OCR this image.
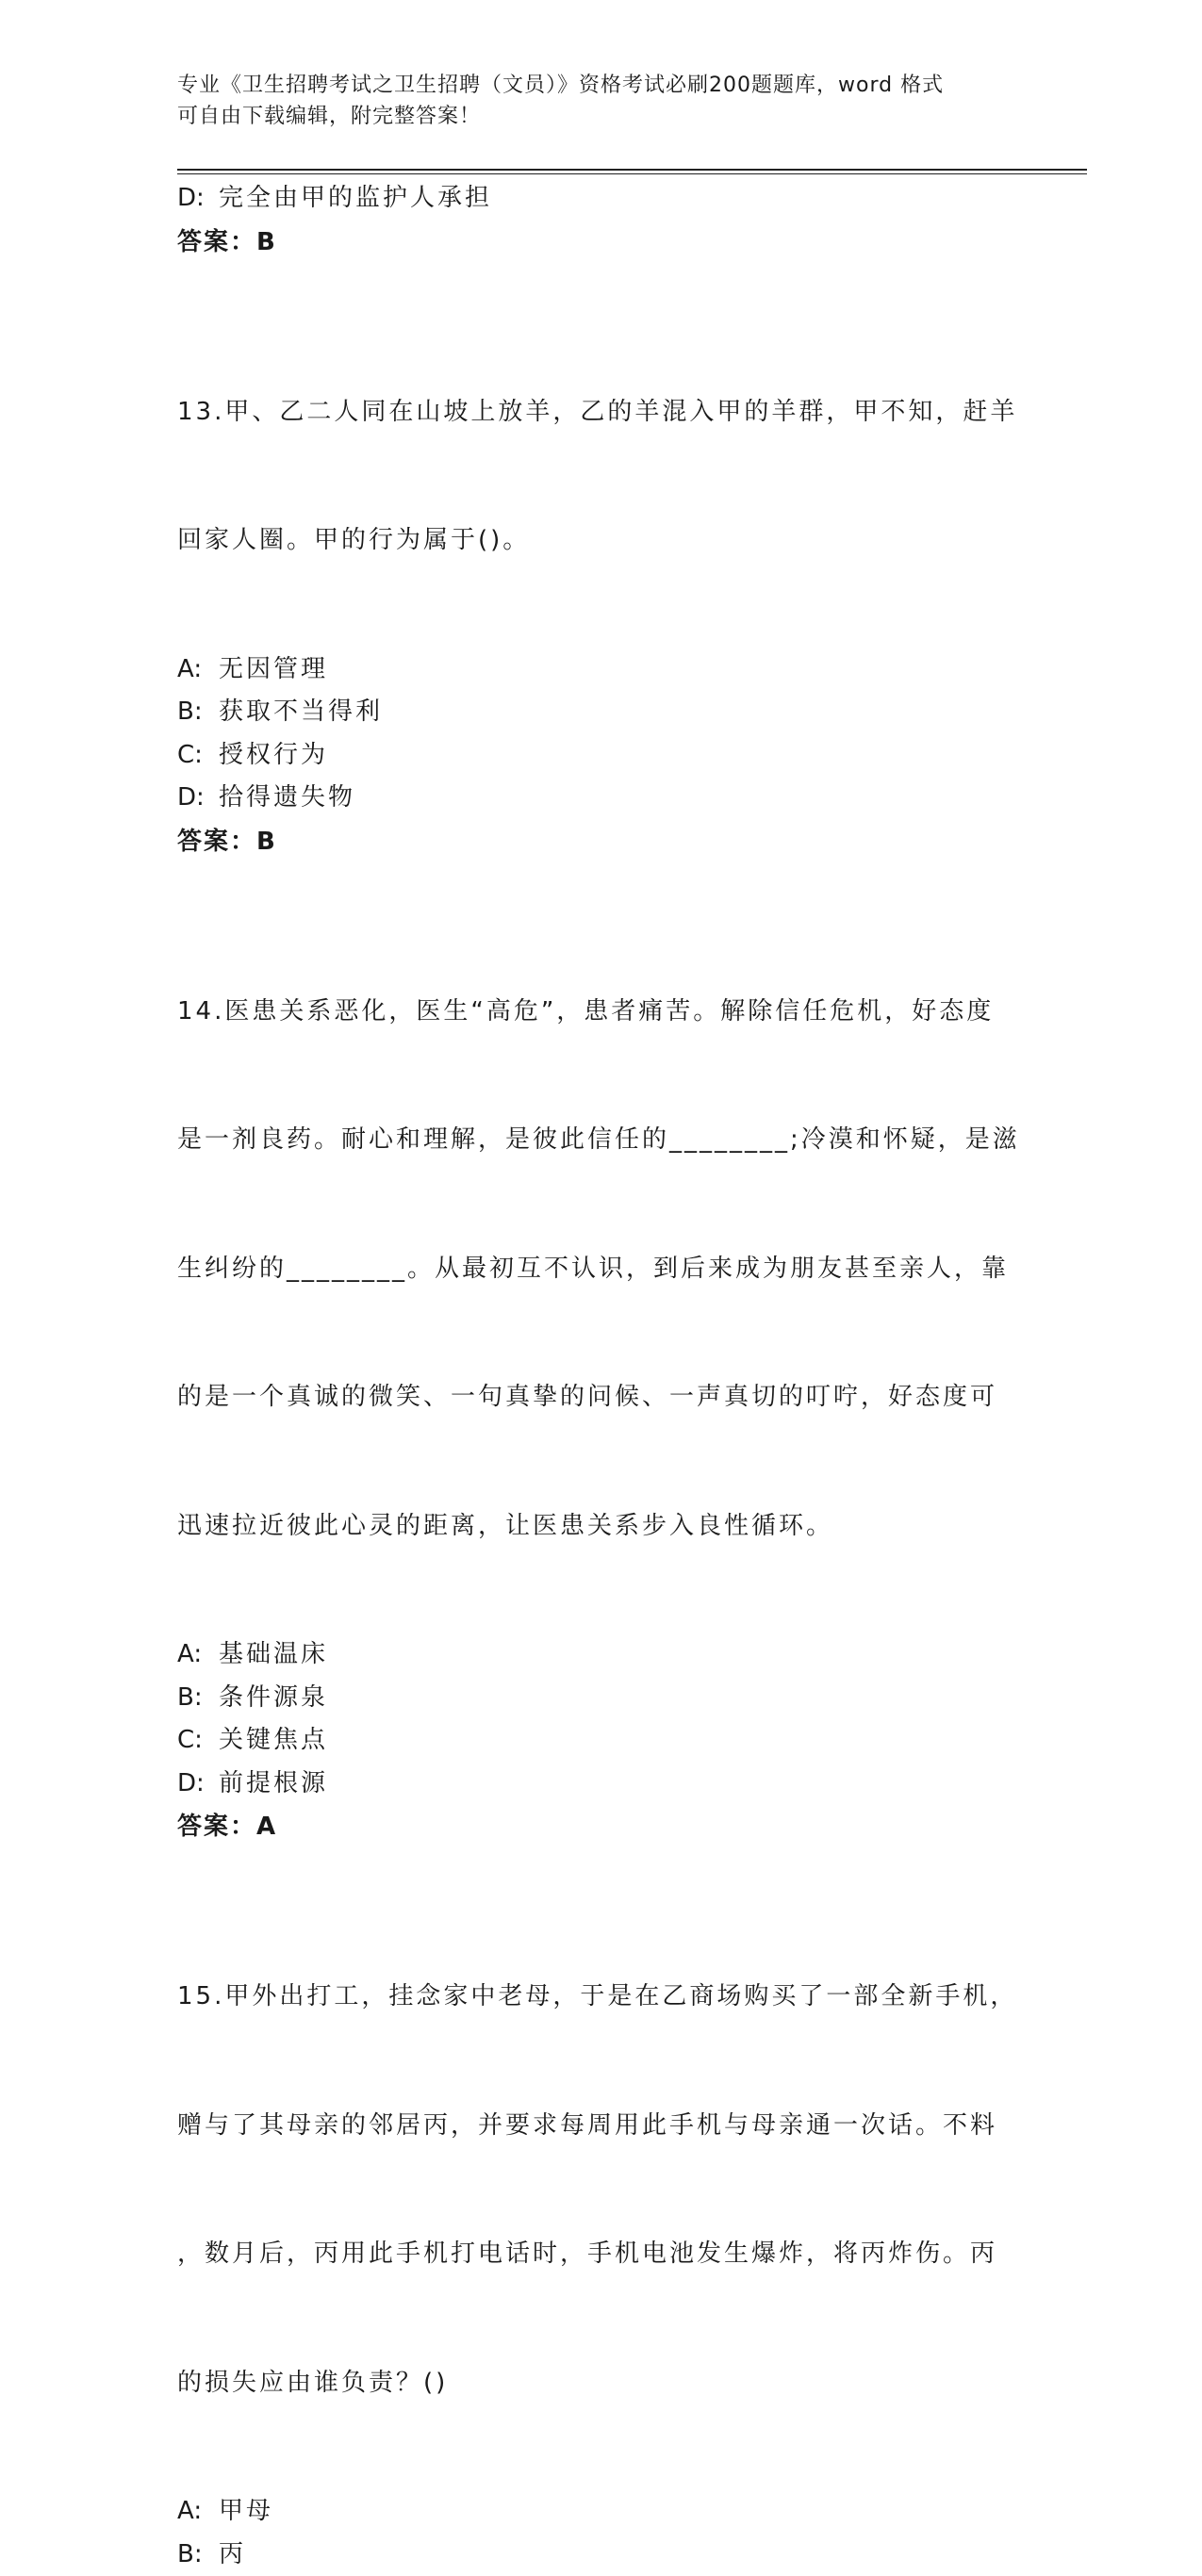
专业《卫生招聘考试之卫生招聘（文员）》资格考试必刷200题题库，word 格式
可自由下载编辑，附完整答案！
D: 完全由甲的监护人承担
答案：B

13.甲、乙二人同在山坡上放羊，乙的羊混入甲的羊群，甲不知，赶羊

回家人圈。甲的行为属于()。

A: 无因管理
B: 获取不当得利
C: 授权行为
D: 拾得遗失物
答案：B

14.医患关系恶化，医生“高危”，患者痛苦。解除信任危机，好态度

是一剂良药。耐心和理解，是彼此信任的________;冷漠和怀疑，是滋

生纠纷的________。从最初互不认识，到后来成为朋友甚至亲人，靠

的是一个真诚的微笑、一句真挚的问候、一声真切的叮咛，好态度可

迅速拉近彼此心灵的距离，让医患关系步入良性循环。

A: 基础温床
B: 条件源泉
C: 关键焦点
D: 前提根源
答案：A

15.甲外出打工，挂念家中老母，于是在乙商场购买了一部全新手机，

赠与了其母亲的邻居丙，并要求每周用此手机与母亲通一次话。不料

，数月后，丙用此手机打电话时，手机电池发生爆炸，将丙炸伤。丙

的损失应由谁负责？()

A: 甲母
B: 丙
